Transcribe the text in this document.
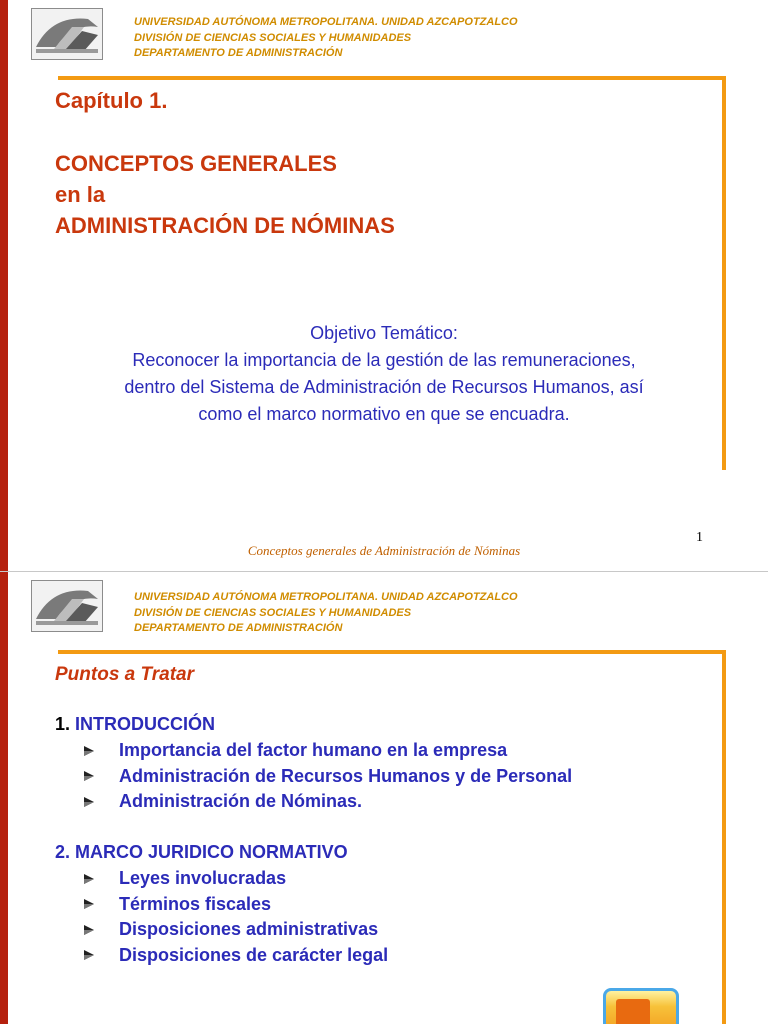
UNIVERSIDAD AUTÓNOMA METROPOLITANA. UNIDAD AZCAPOTZALCO
DIVISIÓN DE CIENCIAS SOCIALES Y HUMANIDADES
DEPARTAMENTO DE ADMINISTRACIÓN
Capítulo 1.
CONCEPTOS GENERALES
en la
ADMINISTRACIÓN DE NÓMINAS
Objetivo Temático:
Reconocer la importancia de la gestión de las remuneraciones,
dentro del Sistema de Administración de Recursos Humanos, así
como el marco normativo en que se encuadra.
1
Conceptos generales de Administración de Nóminas
UNIVERSIDAD AUTÓNOMA METROPOLITANA. UNIDAD AZCAPOTZALCO
DIVISIÓN DE CIENCIAS SOCIALES Y HUMANIDADES
DEPARTAMENTO DE ADMINISTRACIÓN
Puntos a Tratar
1. INTRODUCCIÓN
Importancia del factor humano en la empresa
Administración de Recursos Humanos y de Personal
Administración de Nóminas.
2. MARCO JURIDICO NORMATIVO
Leyes involucradas
Términos fiscales
Disposiciones administrativas
Disposiciones de carácter legal
